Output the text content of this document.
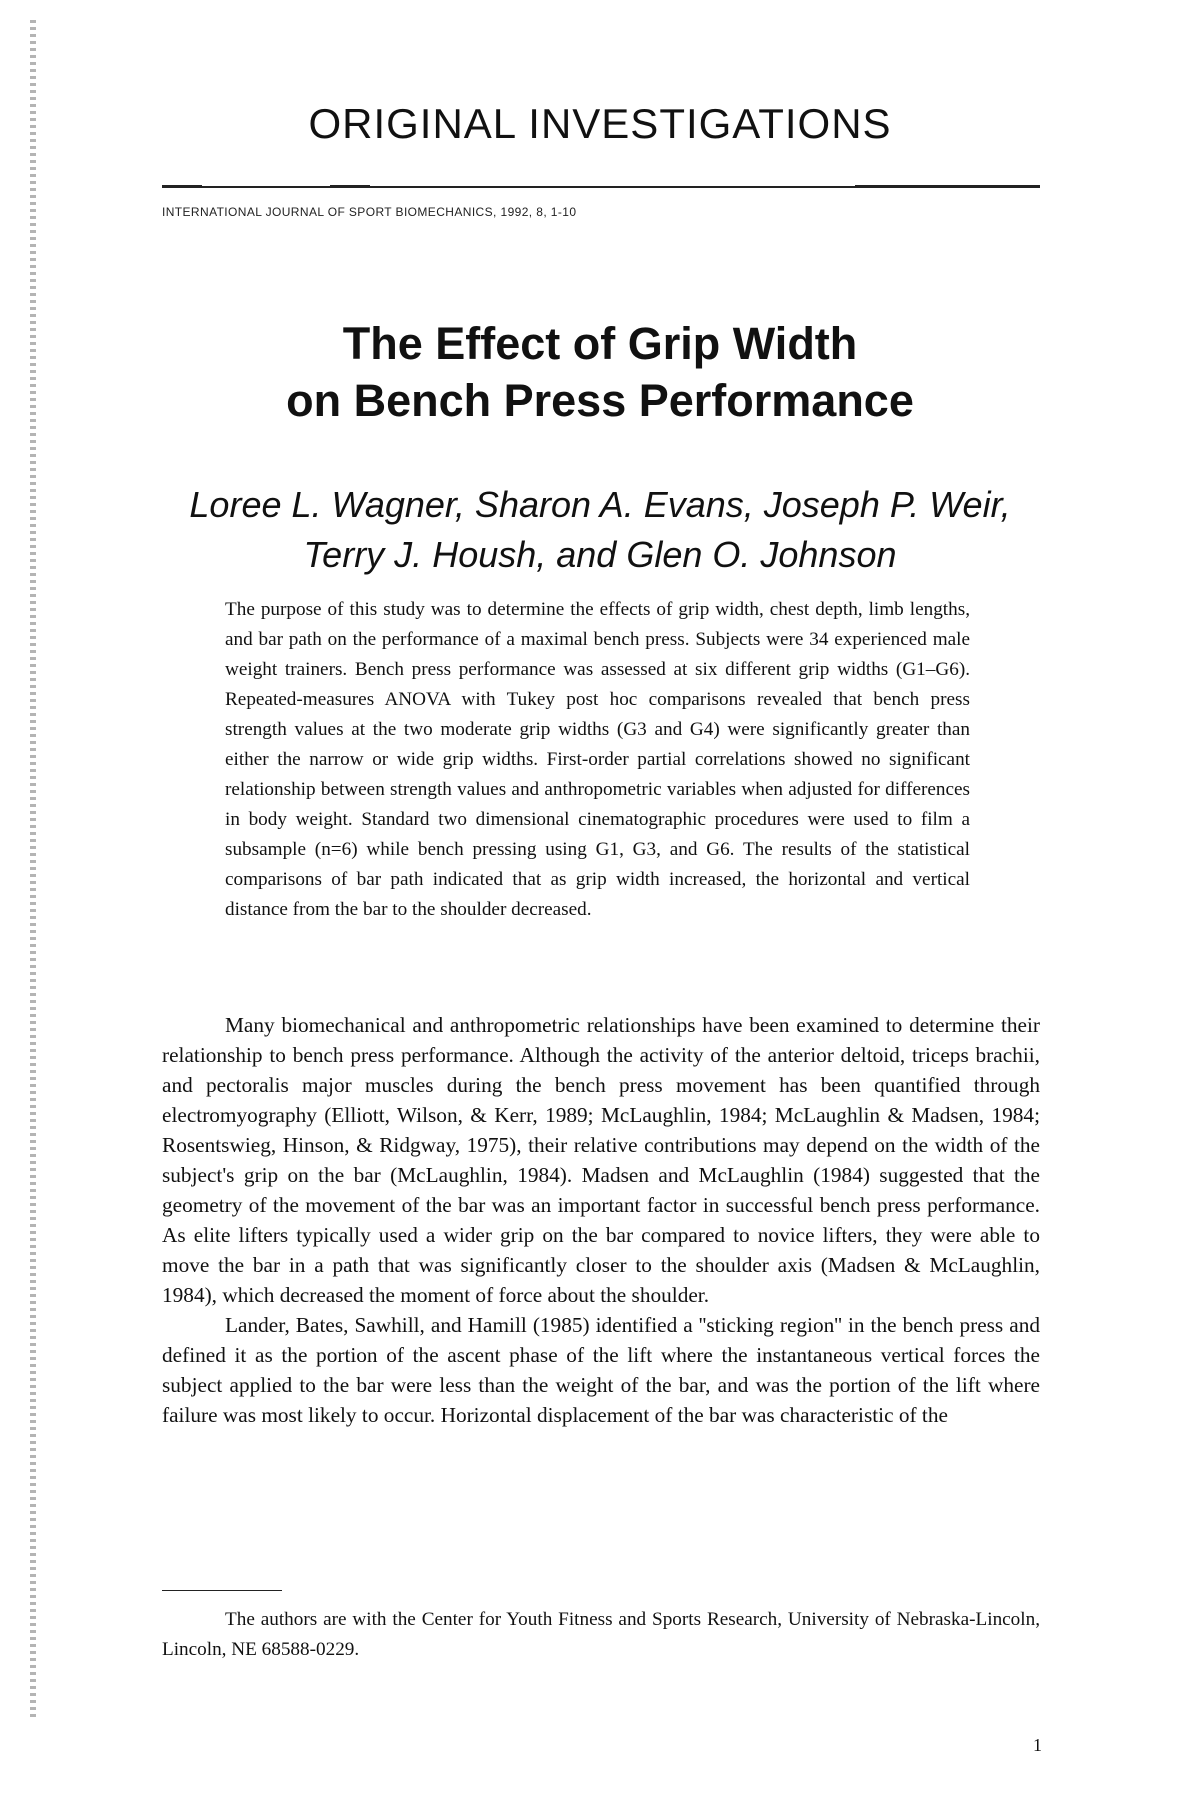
ORIGINAL INVESTIGATIONS
INTERNATIONAL JOURNAL OF SPORT BIOMECHANICS, 1992, 8, 1-10
The Effect of Grip Width
on Bench Press Performance
Loree L. Wagner, Sharon A. Evans, Joseph P. Weir,
Terry J. Housh, and Glen O. Johnson
The purpose of this study was to determine the effects of grip width, chest depth, limb lengths, and bar path on the performance of a maximal bench press. Subjects were 34 experienced male weight trainers. Bench press performance was assessed at six different grip widths (G1–G6). Repeated-measures ANOVA with Tukey post hoc comparisons revealed that bench press strength values at the two moderate grip widths (G3 and G4) were significantly greater than either the narrow or wide grip widths. First-order partial correlations showed no significant relationship between strength values and anthropometric variables when adjusted for differences in body weight. Standard two dimensional cinematographic procedures were used to film a subsample (n=6) while bench pressing using G1, G3, and G6. The results of the statistical comparisons of bar path indicated that as grip width increased, the horizontal and vertical distance from the bar to the shoulder decreased.

Many biomechanical and anthropometric relationships have been examined to determine their relationship to bench press performance. Although the activity of the anterior deltoid, triceps brachii, and pectoralis major muscles during the bench press movement has been quantified through electromyography (Elliott, Wilson, & Kerr, 1989; McLaughlin, 1984; McLaughlin & Madsen, 1984; Rosentswieg, Hinson, & Ridgway, 1975), their relative contributions may depend on the width of the subject's grip on the bar (McLaughlin, 1984). Madsen and McLaughlin (1984) suggested that the geometry of the movement of the bar was an important factor in successful bench press performance. As elite lifters typically used a wider grip on the bar compared to novice lifters, they were able to move the bar in a path that was significantly closer to the shoulder axis (Madsen & McLaughlin, 1984), which decreased the moment of force about the shoulder.

Lander, Bates, Sawhill, and Hamill (1985) identified a ''sticking region'' in the bench press and defined it as the portion of the ascent phase of the lift where the instantaneous vertical forces the subject applied to the bar were less than the weight of the bar, and was the portion of the lift where failure was most likely to occur. Horizontal displacement of the bar was characteristic of the

The authors are with the Center for Youth Fitness and Sports Research, University of Nebraska-Lincoln, Lincoln, NE 68588-0229.
1
